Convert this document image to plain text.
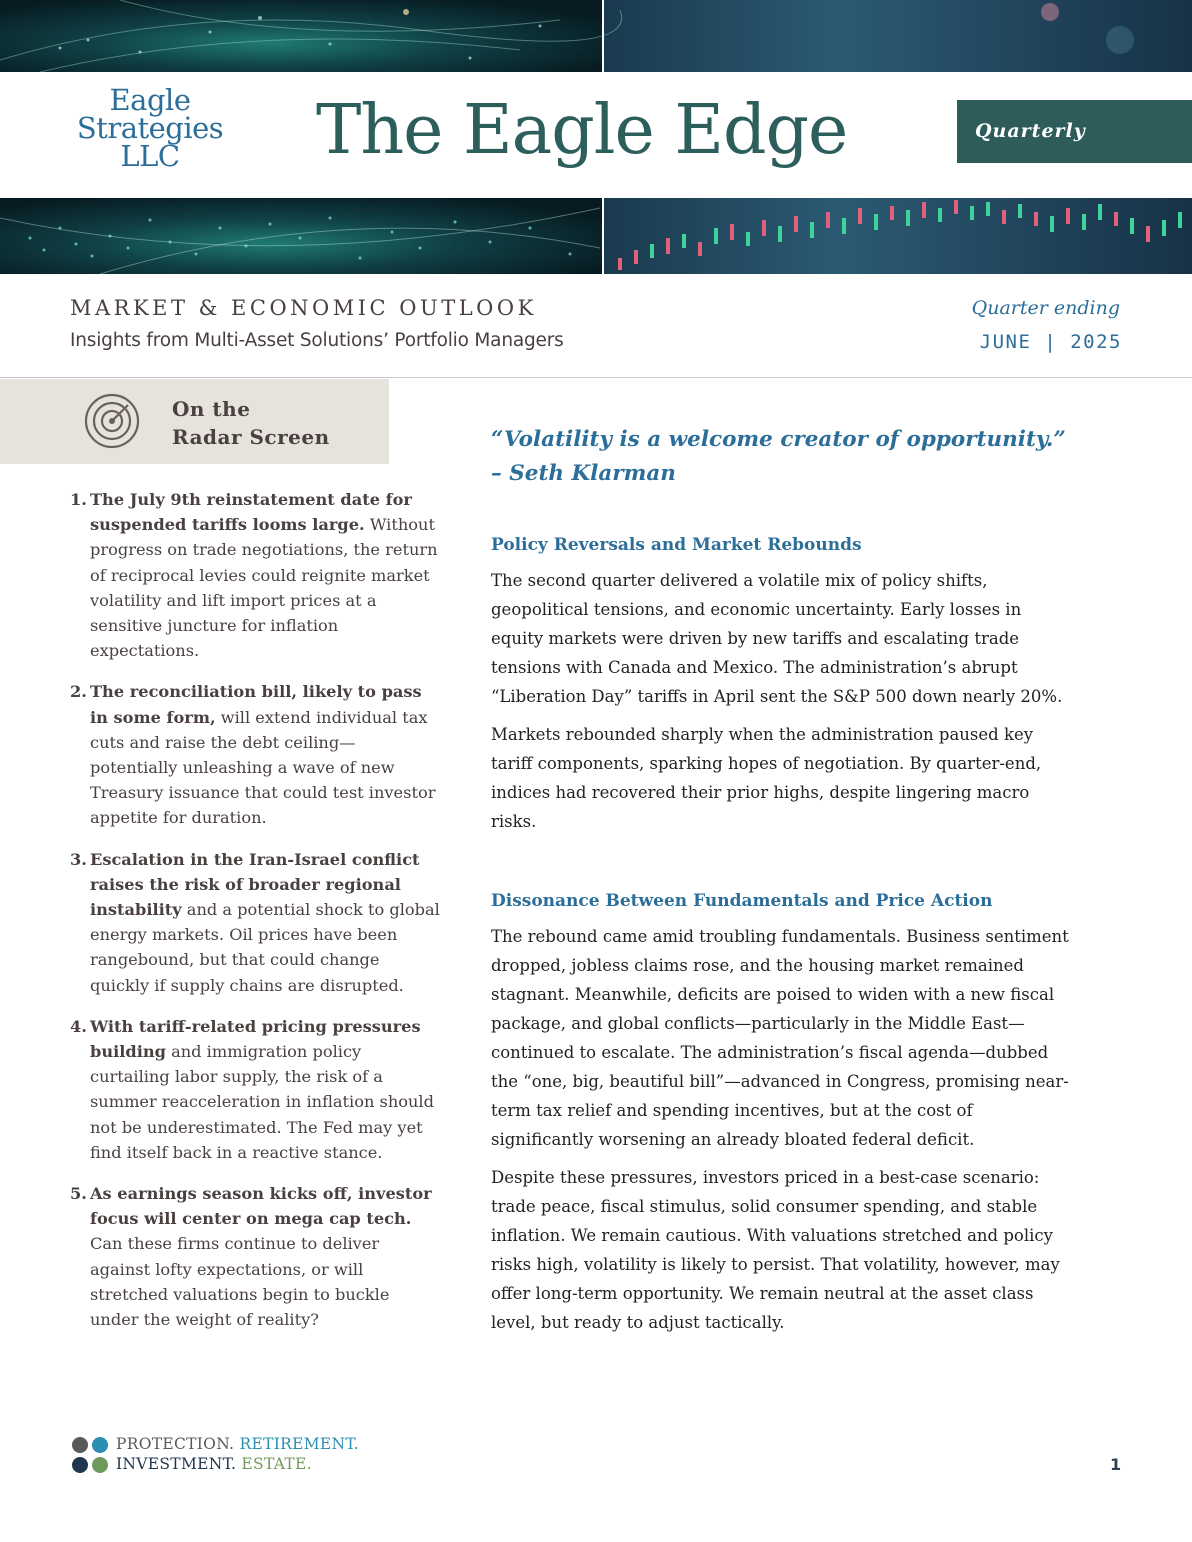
Eagle
Strategies
LLC	The Eagle Edge	Quarterly
MARKET & ECONOMIC OUTLOOK
Insights from Multi-Asset Solutions’ Portfolio Managers
Quarter ending
JUNE | 2025
On the
Radar Screen
1. The July 9th reinstatement date for suspended tariffs looms large. Without progress on trade negotiations, the return of reciprocal levies could reignite market volatility and lift import prices at a sensitive juncture for inflation expectations.
2. The reconciliation bill, likely to pass in some form, will extend individual tax cuts and raise the debt ceiling—potentially unleashing a wave of new Treasury issuance that could test investor appetite for duration.
3. Escalation in the Iran-Israel conflict raises the risk of broader regional instability and a potential shock to global energy markets. Oil prices have been rangebound, but that could change quickly if supply chains are disrupted.
4. With tariff-related pricing pressures building and immigration policy curtailing labor supply, the risk of a summer reacceleration in inflation should not be underestimated. The Fed may yet find itself back in a reactive stance.
5. As earnings season kicks off, investor focus will center on mega cap tech. Can these firms continue to deliver against lofty expectations, or will stretched valuations begin to buckle under the weight of reality?
“Volatility is a welcome creator of opportunity.”
– Seth Klarman
Policy Reversals and Market Rebounds

The second quarter delivered a volatile mix of policy shifts, geopolitical tensions, and economic uncertainty. Early losses in equity markets were driven by new tariffs and escalating trade tensions with Canada and Mexico. The administration’s abrupt “Liberation Day” tariffs in April sent the S&P 500 down nearly 20%.

Markets rebounded sharply when the administration paused key tariff components, sparking hopes of negotiation. By quarter-end, indices had recovered their prior highs, despite lingering macro risks.

Dissonance Between Fundamentals and Price Action

The rebound came amid troubling fundamentals. Business sentiment dropped, jobless claims rose, and the housing market remained stagnant. Meanwhile, deficits are poised to widen with a new fiscal package, and global conflicts—particularly in the Middle East— continued to escalate. The administration’s fiscal agenda—dubbed the “one, big, beautiful bill”—advanced in Congress, promising near-term tax relief and spending incentives, but at the cost of significantly worsening an already bloated federal deficit.

Despite these pressures, investors priced in a best-case scenario: trade peace, fiscal stimulus, solid consumer spending, and stable inflation. We remain cautious. With valuations stretched and policy risks high, volatility is likely to persist. That volatility, however, may offer long-term opportunity. We remain neutral at the asset class level, but ready to adjust tactically.

PROTECTION. RETIREMENT.
INVESTMENT. ESTATE.	1
